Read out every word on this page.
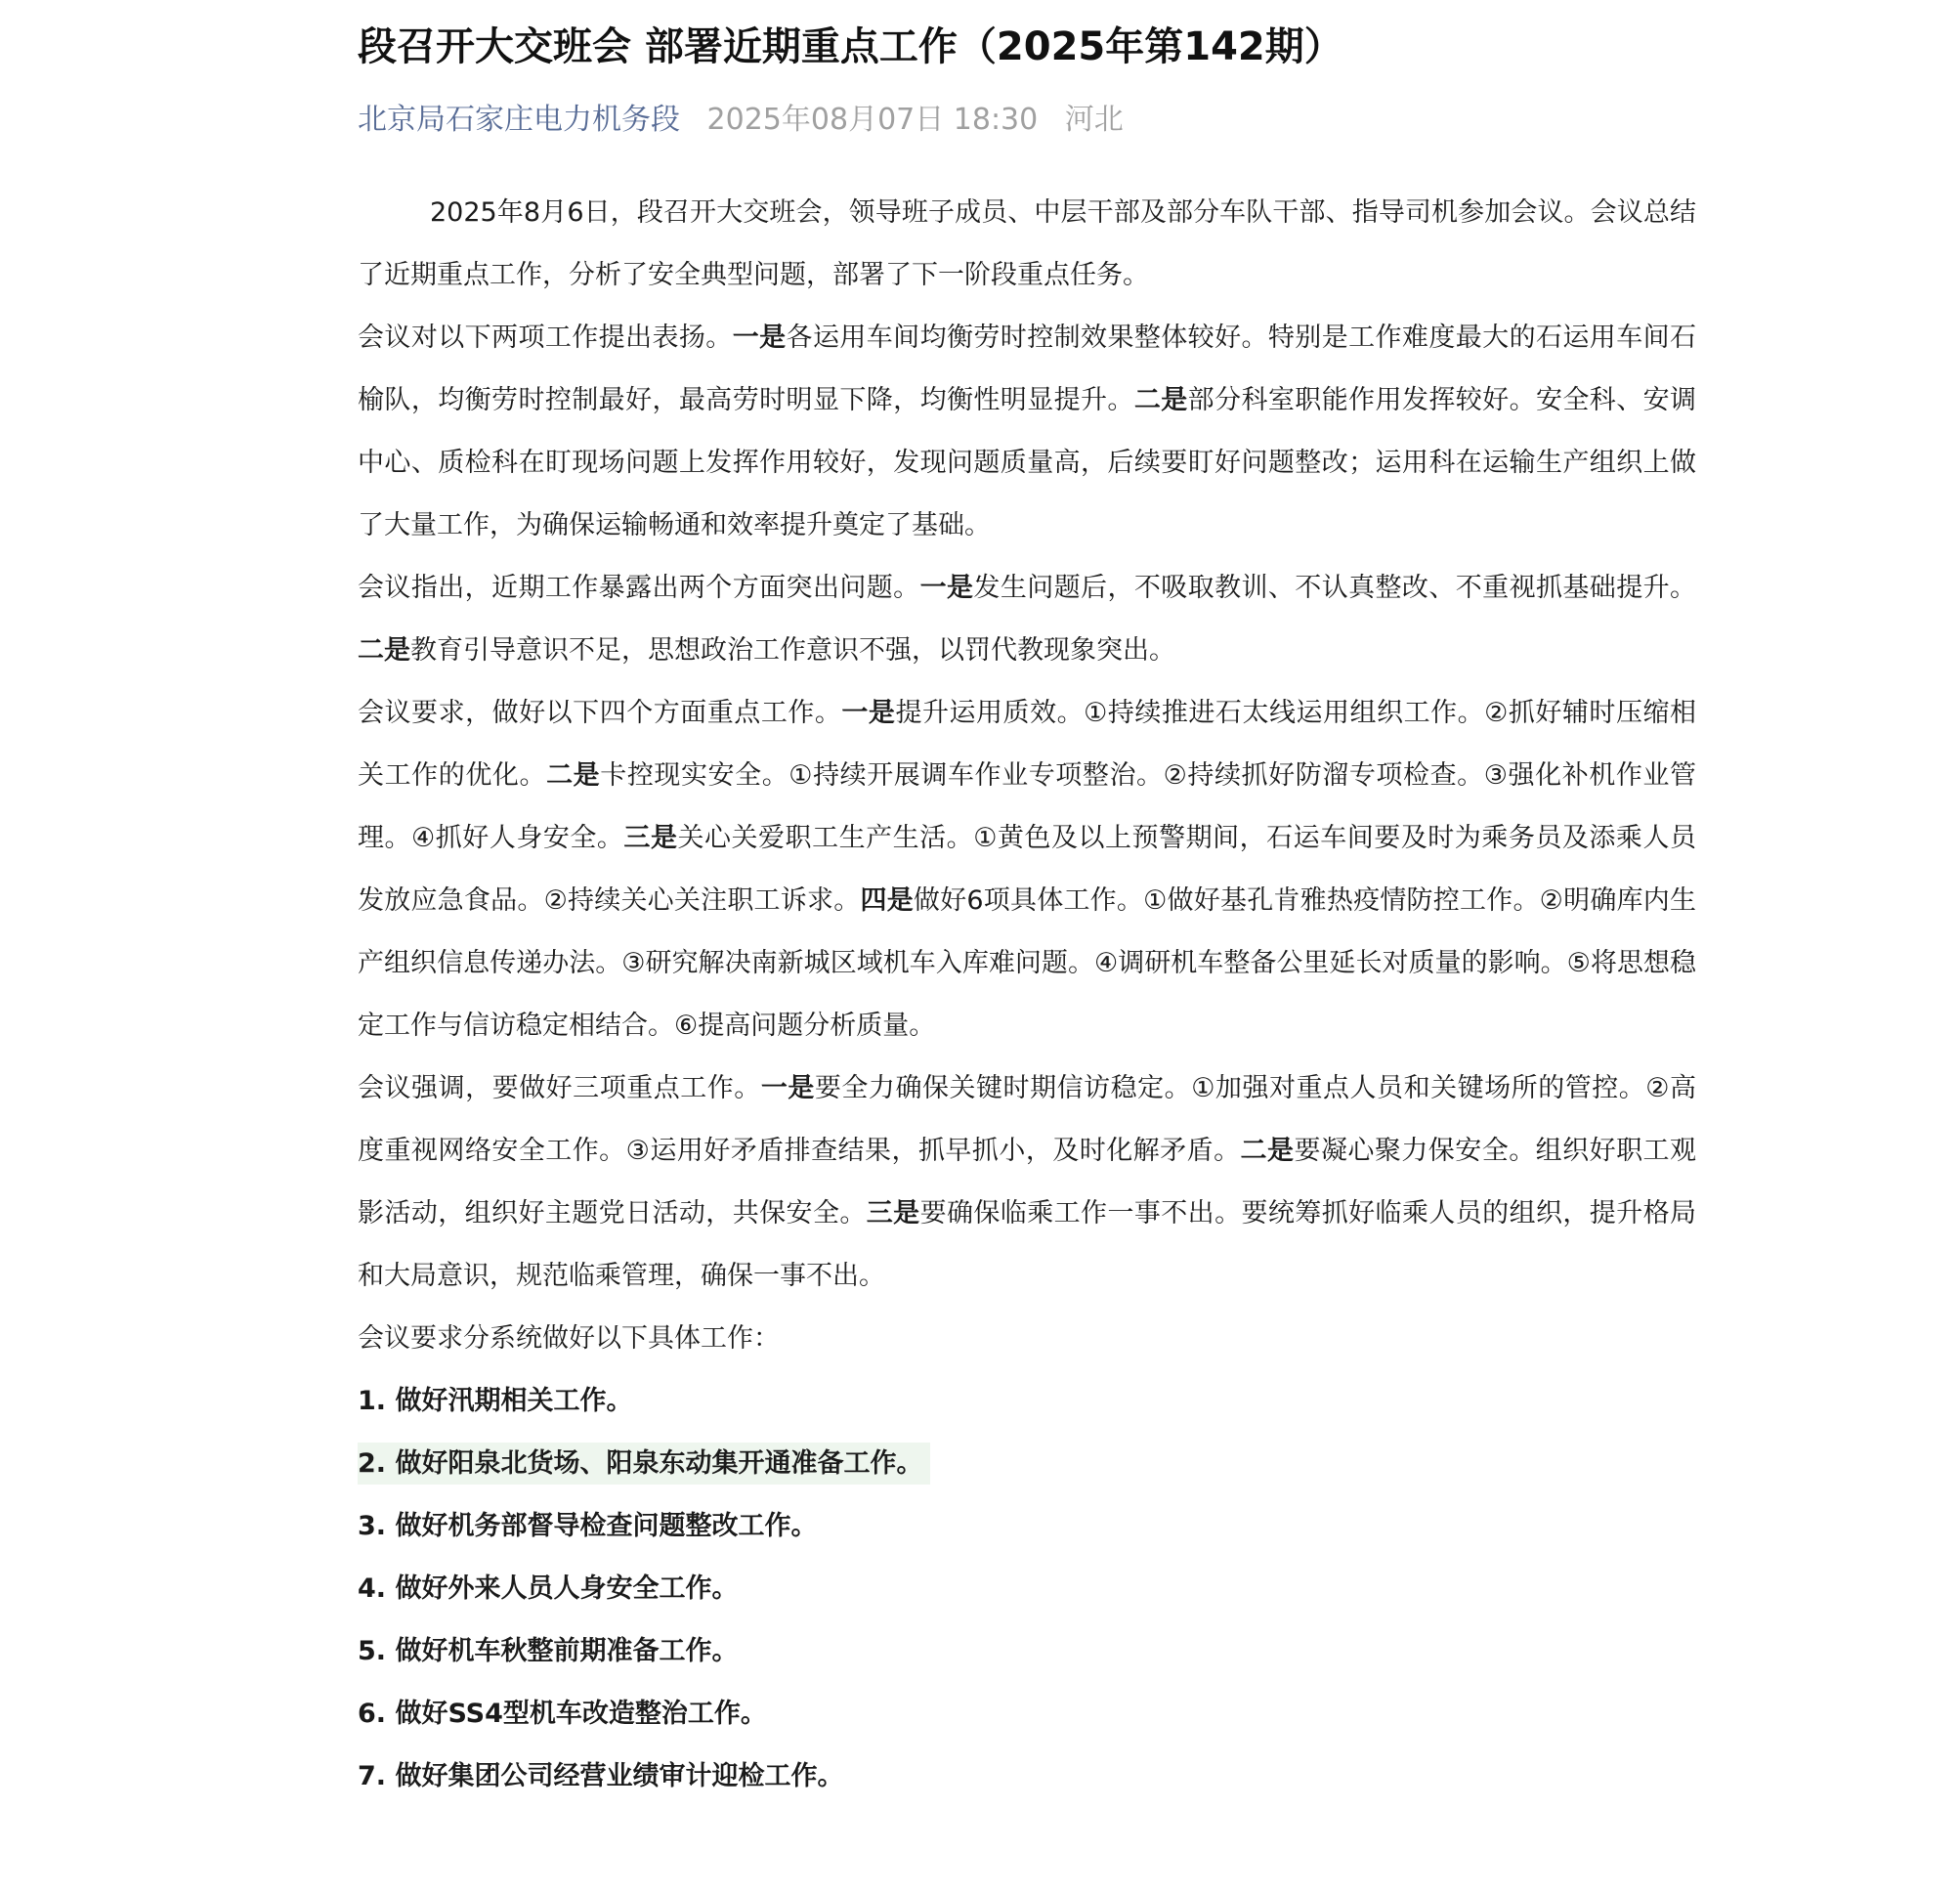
段召开大交班会 部署近期重点工作（2025年第142期）
北京局石家庄电力机务段 2025年08月07日 18:30 河北

2025年8月6日，段召开大交班会，领导班子成员、中层干部及部分车队干部、指导司机参加会议。会议总结了近期重点工作，分析了安全典型问题，部署了下一阶段重点任务。

会议对以下两项工作提出表扬。一是各运用车间均衡劳时控制效果整体较好。特别是工作难度最大的石运用车间石榆队，均衡劳时控制最好，最高劳时明显下降，均衡性明显提升。二是部分科室职能作用发挥较好。安全科、安调中心、质检科在盯现场问题上发挥作用较好，发现问题质量高，后续要盯好问题整改；运用科在运输生产组织上做了大量工作，为确保运输畅通和效率提升奠定了基础。

会议指出，近期工作暴露出两个方面突出问题。一是发生问题后，不吸取教训、不认真整改、不重视抓基础提升。二是教育引导意识不足，思想政治工作意识不强，以罚代教现象突出。

会议要求，做好以下四个方面重点工作。一是提升运用质效。①持续推进石太线运用组织工作。②抓好辅时压缩相关工作的优化。二是卡控现实安全。①持续开展调车作业专项整治。②持续抓好防溜专项检查。③强化补机作业管理。④抓好人身安全。三是关心关爱职工生产生活。①黄色及以上预警期间，石运车间要及时为乘务员及添乘人员发放应急食品。②持续关心关注职工诉求。四是做好6项具体工作。①做好基孔肯雅热疫情防控工作。②明确库内生产组织信息传递办法。③研究解决南新城区域机车入库难问题。④调研机车整备公里延长对质量的影响。⑤将思想稳定工作与信访稳定相结合。⑥提高问题分析质量。

会议强调，要做好三项重点工作。一是要全力确保关键时期信访稳定。①加强对重点人员和关键场所的管控。②高度重视网络安全工作。③运用好矛盾排查结果，抓早抓小，及时化解矛盾。二是要凝心聚力保安全。组织好职工观影活动，组织好主题党日活动，共保安全。三是要确保临乘工作一事不出。要统筹抓好临乘人员的组织，提升格局和大局意识，规范临乘管理，确保一事不出。

会议要求分系统做好以下具体工作：

1. 做好汛期相关工作。

2. 做好阳泉北货场、阳泉东动集开通准备工作。

3. 做好机务部督导检查问题整改工作。

4. 做好外来人员人身安全工作。

5. 做好机车秋整前期准备工作。

6. 做好SS4型机车改造整治工作。

7. 做好集团公司经营业绩审计迎检工作。
